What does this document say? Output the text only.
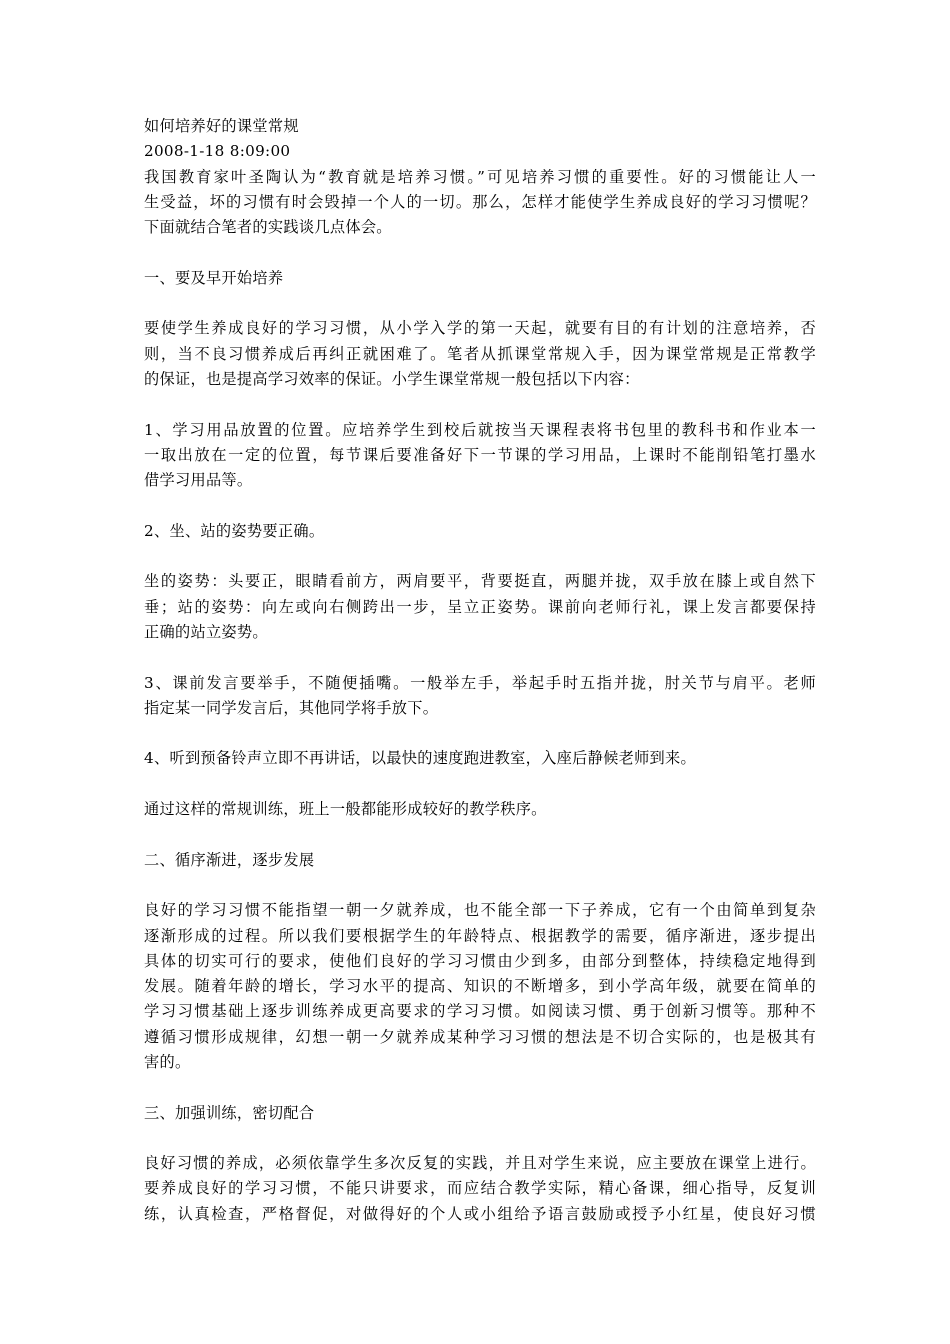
如何培养好的课堂常规
2008-1-18 8:09:00
我国教育家叶圣陶认为“教育就是培养习惯。”可见培养习惯的重要性。好的习惯能让人一
生受益，坏的习惯有时会毁掉一个人的一切。那么，怎样才能使学生养成良好的学习习惯呢？
下面就结合笔者的实践谈几点体会。
一、要及早开始培养
要使学生养成良好的学习习惯，从小学入学的第一天起，就要有目的有计划的注意培养，否
则，当不良习惯养成后再纠正就困难了。笔者从抓课堂常规入手，因为课堂常规是正常教学
的保证，也是提高学习效率的保证。小学生课堂常规一般包括以下内容：
1、学习用品放置的位置。应培养学生到校后就按当天课程表将书包里的教科书和作业本一
一取出放在一定的位置，每节课后要准备好下一节课的学习用品，上课时不能削铅笔打墨水
借学习用品等。
2、坐、站的姿势要正确。
坐的姿势：头要正，眼睛看前方，两肩要平，背要挺直，两腿并拢，双手放在膝上或自然下
垂；站的姿势：向左或向右侧跨出一步，呈立正姿势。课前向老师行礼，课上发言都要保持
正确的站立姿势。
3、课前发言要举手，不随便插嘴。一般举左手，举起手时五指并拢，肘关节与肩平。老师
指定某一同学发言后，其他同学将手放下。
4、听到预备铃声立即不再讲话，以最快的速度跑进教室，入座后静候老师到来。
通过这样的常规训练，班上一般都能形成较好的教学秩序。
二、循序渐进，逐步发展
良好的学习习惯不能指望一朝一夕就养成，也不能全部一下子养成，它有一个由简单到复杂
逐渐形成的过程。所以我们要根据学生的年龄特点、根据教学的需要，循序渐进，逐步提出
具体的切实可行的要求，使他们良好的学习习惯由少到多，由部分到整体，持续稳定地得到
发展。随着年龄的增长，学习水平的提高、知识的不断增多，到小学高年级，就要在简单的
学习习惯基础上逐步训练养成更高要求的学习习惯。如阅读习惯、勇于创新习惯等。那种不
遵循习惯形成规律，幻想一朝一夕就养成某种学习习惯的想法是不切合实际的，也是极其有
害的。
三、加强训练，密切配合
良好习惯的养成，必须依靠学生多次反复的实践，并且对学生来说，应主要放在课堂上进行。
要养成良好的学习习惯，不能只讲要求，而应结合教学实际，精心备课，细心指导，反复训
练，认真检查，严格督促，对做得好的个人或小组给予语言鼓励或授予小红星，使良好习惯
